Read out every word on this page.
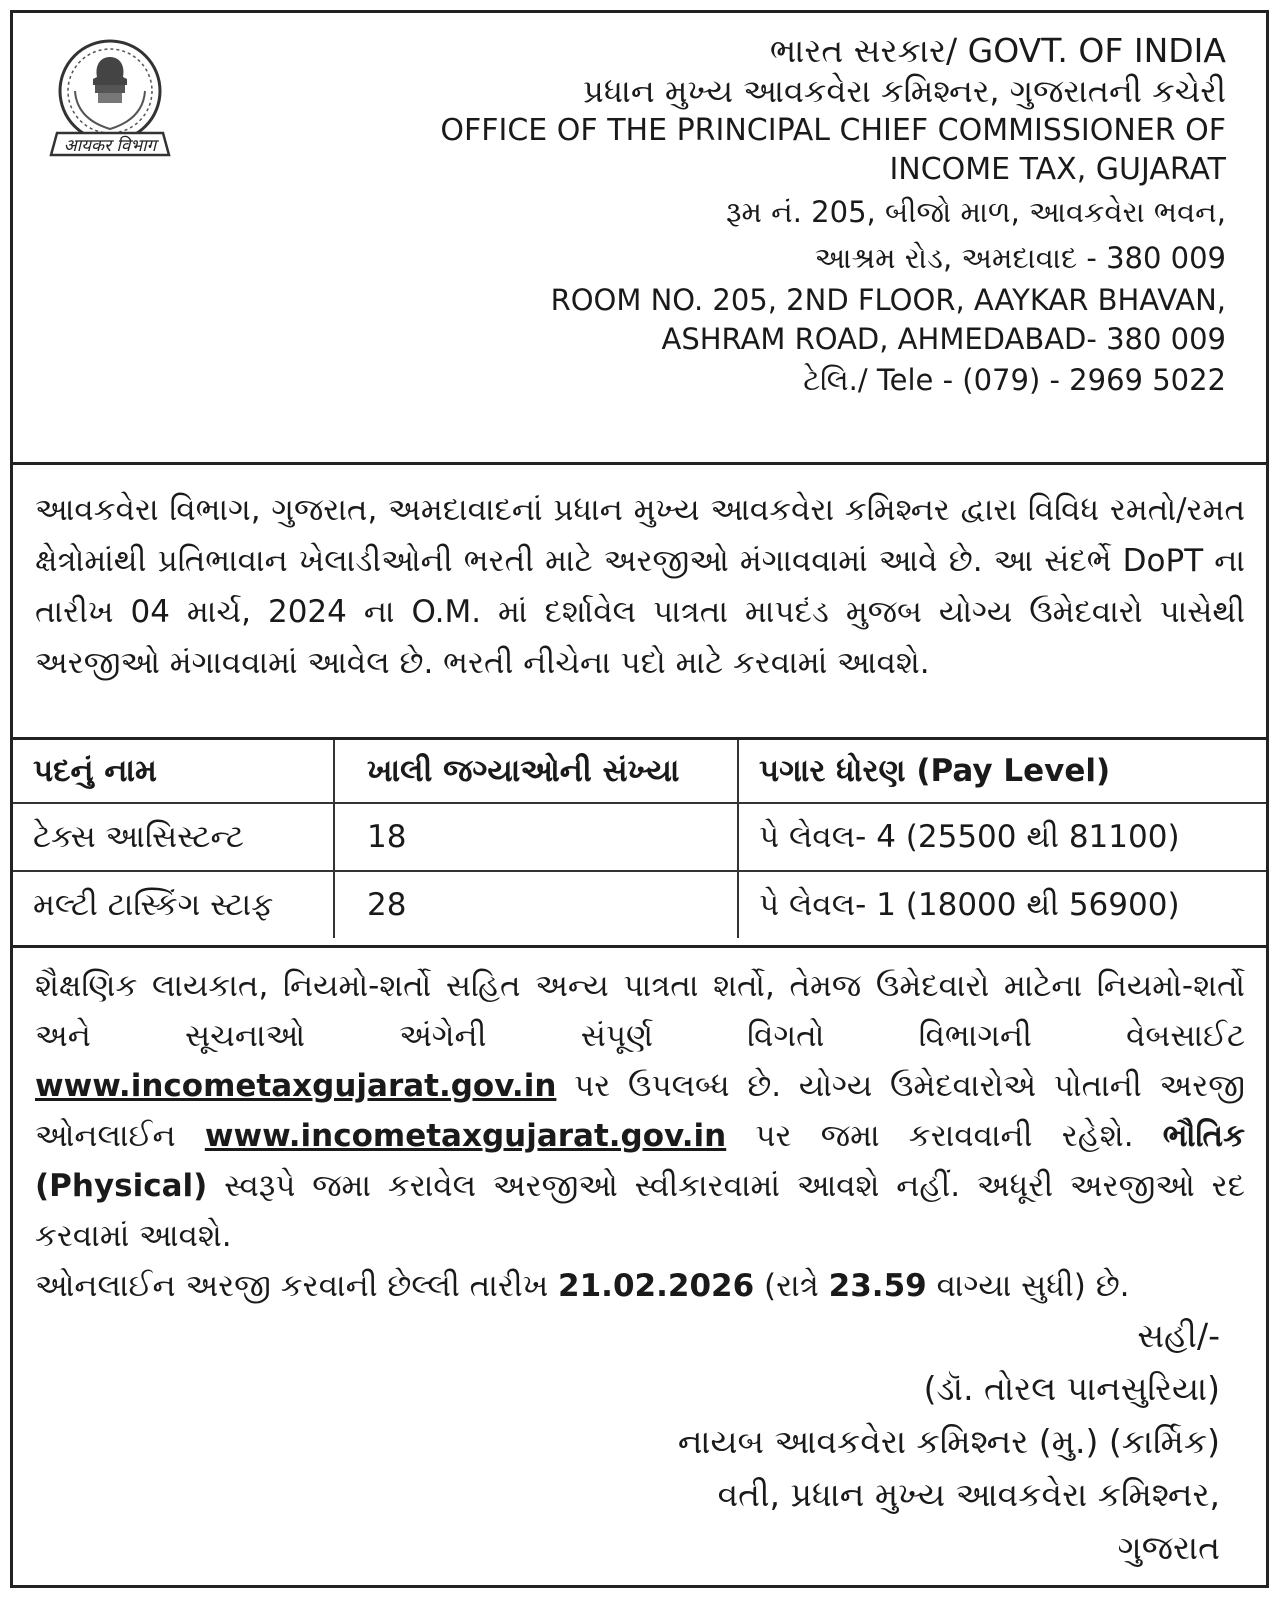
आयकर विभाग
ભારત સરકાર/ GOVT. OF INDIA
પ્રધાન મુખ્ય આવકવેરા કમિશ્નર, ગુજરાતની કચેરી
OFFICE OF THE PRINCIPAL CHIEF COMMISSIONER OF
INCOME TAX, GUJARAT
રૂમ નં. 205, બીજો માળ, આવકવેરા ભવન,
આશ્રમ રોડ, અમદાવાદ - 380 009
ROOM NO. 205, 2ND FLOOR, AAYKAR BHAVAN,
ASHRAM ROAD, AHMEDABAD- 380 009
ટેલિ./ Tele - (079) - 2969 5022
આવકવેરા વિભાગ, ગુજરાત, અમદાવાદનાં પ્રધાન મુખ્ય આવકવેરા કમિશ્નર દ્વારા વિવિધ રમતો/રમત ક્ષેત્રોમાંથી પ્રતિભાવાન ખેલાડીઓની ભરતી માટે અરજીઓ મંગાવવામાં આવે છે. આ સંદર્ભે DoPT ના તારીખ 04 માર્ચ, 2024 ના O.M. માં દર્શાવેલ પાત્રતા માપદંડ મુજબ યોગ્ય ઉમેદવારો પાસેથી અરજીઓ મંગાવવામાં આવેલ છે. ભરતી નીચેના પદો માટે કરવામાં આવશે.
પદનું નામ	ખાલી જગ્યાઓની સંખ્યા	પગાર ધોરણ (Pay Level)
ટેક્સ આસિસ્ટન્ટ	18	પે લેવલ- 4 (25500 થી 81100)
મલ્ટી ટાસ્કિંગ સ્ટાફ	28	પે લેવલ- 1 (18000 થી 56900)
શૈક્ષણિક લાયકાત, નિયમો-શર્તો સહિત અન્ય પાત્રતા શર્તો, તેમજ ઉમેદવારો માટેના નિયમો-શર્તો અને સૂચનાઓ અંગેની સંપૂર્ણ વિગતો વિભાગની વેબસાઈટ www.incometaxgujarat.gov.in પર ઉપલબ્ધ છે. યોગ્ય ઉમેદવારોએ પોતાની અરજી ઓનલાઈન www.incometaxgujarat.gov.in પર જમા કરાવવાની રહેશે. ભૌતિક (Physical) સ્વરૂપે જમા કરાવેલ અરજીઓ સ્વીકારવામાં આવશે નહીં. અધૂરી અરજીઓ રદ કરવામાં આવશે.
ઓનલાઈન અરજી કરવાની છેલ્લી તારીખ 21.02.2026 (રાત્રે 23.59 વાગ્યા સુધી) છે.
સહી/-
(ડૉ. તોરલ પાનસુરિયા)
નાયબ આવકવેરા કમિશ્નર (મુ.) (કાર્મિક)
વતી, પ્રધાન મુખ્ય આવકવેરા કમિશ્નર,
ગુજરાત
